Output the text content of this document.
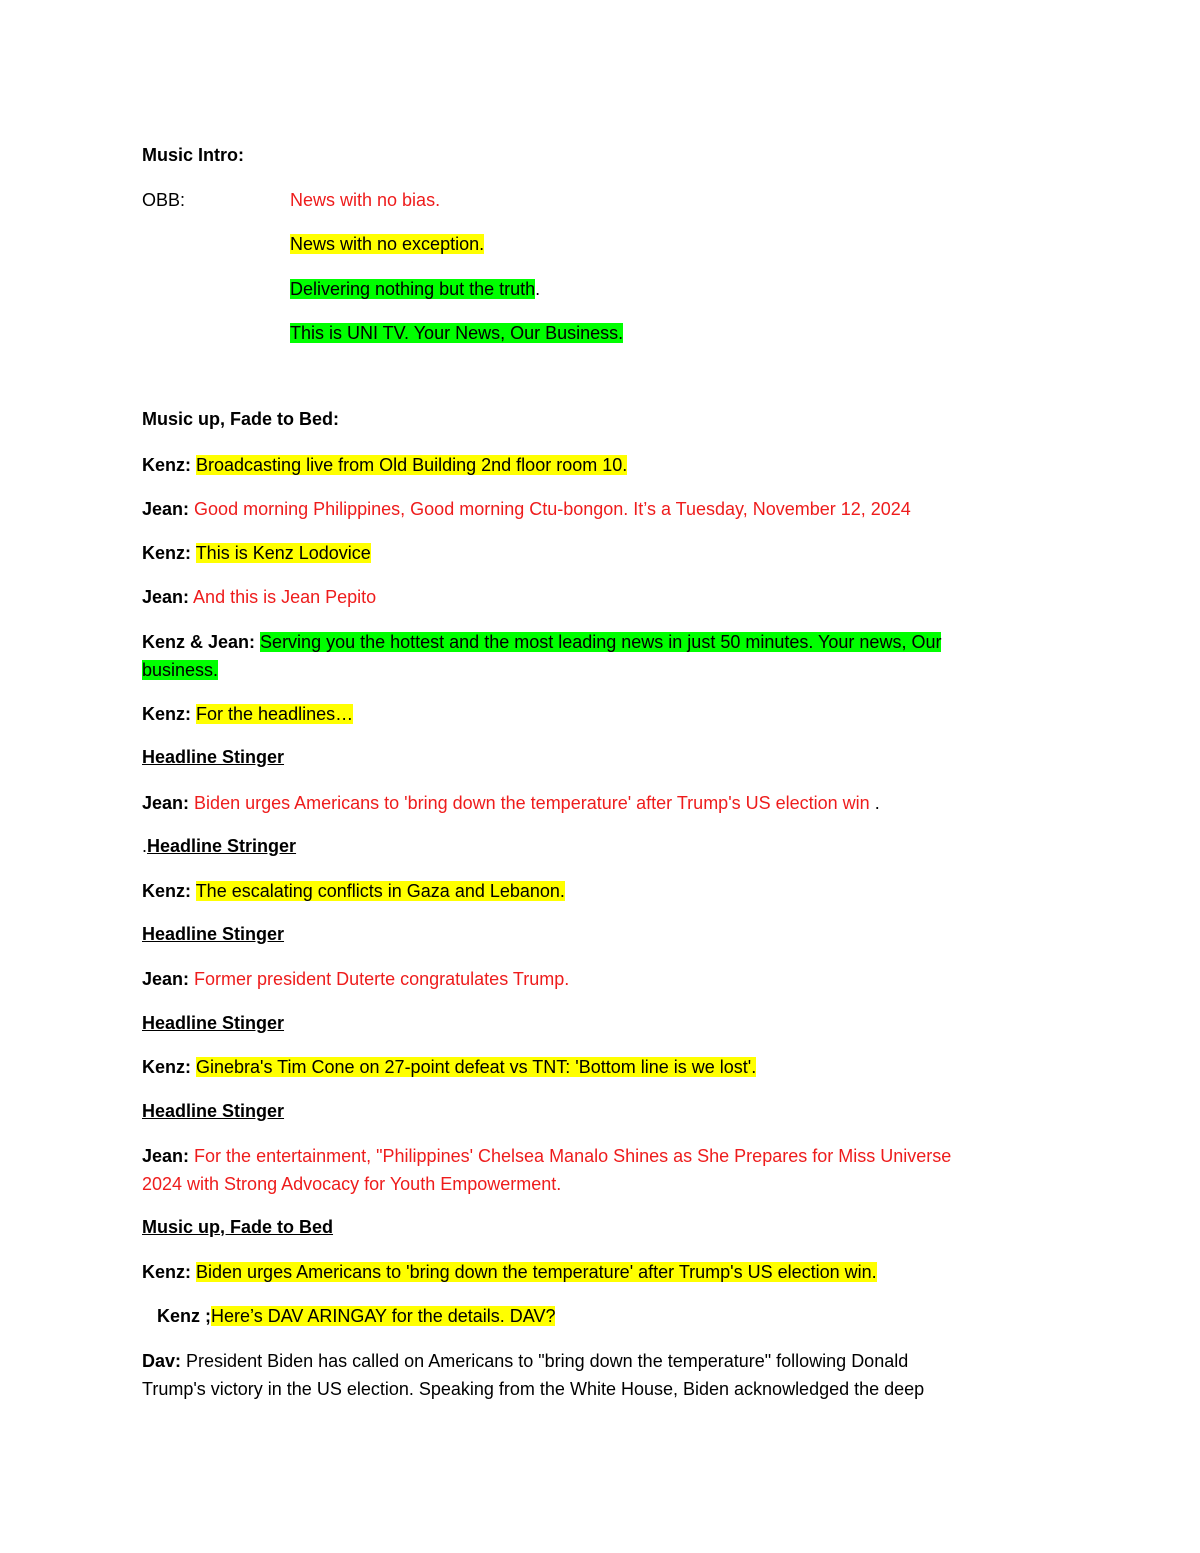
Music Intro:
OBB:	News with no bias.
News with no exception.
Delivering nothing but the truth.
This is UNI TV. Your News, Our Business.
Music up, Fade to Bed:
Kenz: Broadcasting live from Old Building 2nd floor room 10.
Jean: Good morning Philippines, Good morning Ctu-bongon. It’s a Tuesday, November 12, 2024
Kenz: This is Kenz Lodovice
Jean: And this is Jean Pepito
Kenz & Jean: Serving you the hottest and the most leading news in just 50 minutes. Your news, Our
business.
Kenz: For the headlines…
Headline Stinger
Jean: Biden urges Americans to 'bring down the temperature' after Trump's US election win .
.Headline Stringer
Kenz: The escalating conflicts in Gaza and Lebanon.
Headline Stinger
Jean: Former president Duterte congratulates Trump.
Headline Stinger
Kenz: Ginebra's Tim Cone on 27-point defeat vs TNT: 'Bottom line is we lost'.
Headline Stinger
Jean: For the entertainment, "Philippines' Chelsea Manalo Shines as She Prepares for Miss Universe
2024 with Strong Advocacy for Youth Empowerment.
Music up, Fade to Bed
Kenz: Biden urges Americans to 'bring down the temperature' after Trump's US election win.
Kenz ;Here’s DAV ARINGAY for the details. DAV?
Dav: President Biden has called on Americans to "bring down the temperature" following Donald
Trump's victory in the US election. Speaking from the White House, Biden acknowledged the deep
